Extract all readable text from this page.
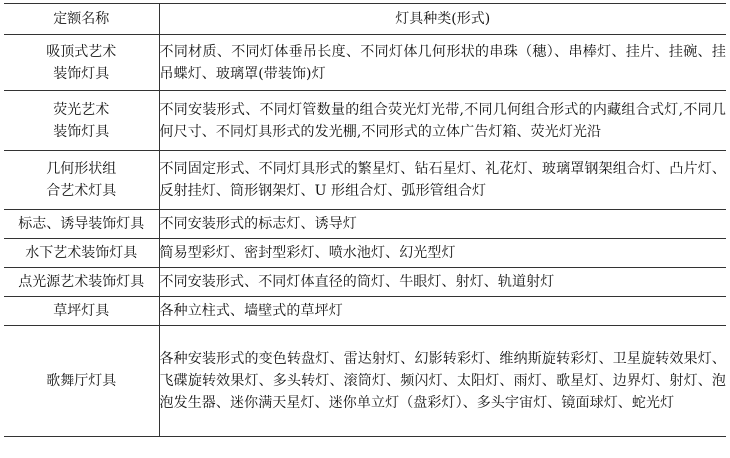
定额名称	灯具种类(形式)

吸顶式艺术
装饰灯具	不同材质、不同灯体垂吊长度、不同灯体几何形状的串珠（穗）、串棒灯、挂片、挂碗、挂吊蝶灯、玻璃罩(带装饰)灯

荧光艺术
装饰灯具	不同安装形式、不同灯管数量的组合荧光灯光带,不同几何组合形式的内藏组合式灯,不同几何尺寸、不同灯具形式的发光棚,不同形式的立体广告灯箱、荧光灯光沿

几何形状组
合艺术灯具	不同固定形式、不同灯具形式的繁星灯、钻石星灯、礼花灯、玻璃罩钢架组合灯、凸片灯、反射挂灯、筒形钢架灯、U 形组合灯、弧形管组合灯

标志、诱导装饰灯具	不同安装形式的标志灯、诱导灯

水下艺术装饰灯具	简易型彩灯、密封型彩灯、喷水池灯、幻光型灯

点光源艺术装饰灯具	不同安装形式、不同灯体直径的筒灯、牛眼灯、射灯、轨道射灯

草坪灯具	各种立柱式、墙壁式的草坪灯

歌舞厅灯具	各种安装形式的变色转盘灯、雷达射灯、幻影转彩灯、维纳斯旋转彩灯、卫星旋转效果灯、飞碟旋转效果灯、多头转灯、滚筒灯、频闪灯、太阳灯、雨灯、歌星灯、边界灯、射灯、泡泡发生器、迷你满天星灯、迷你单立灯（盘彩灯）、多头宇宙灯、镜面球灯、蛇光灯
